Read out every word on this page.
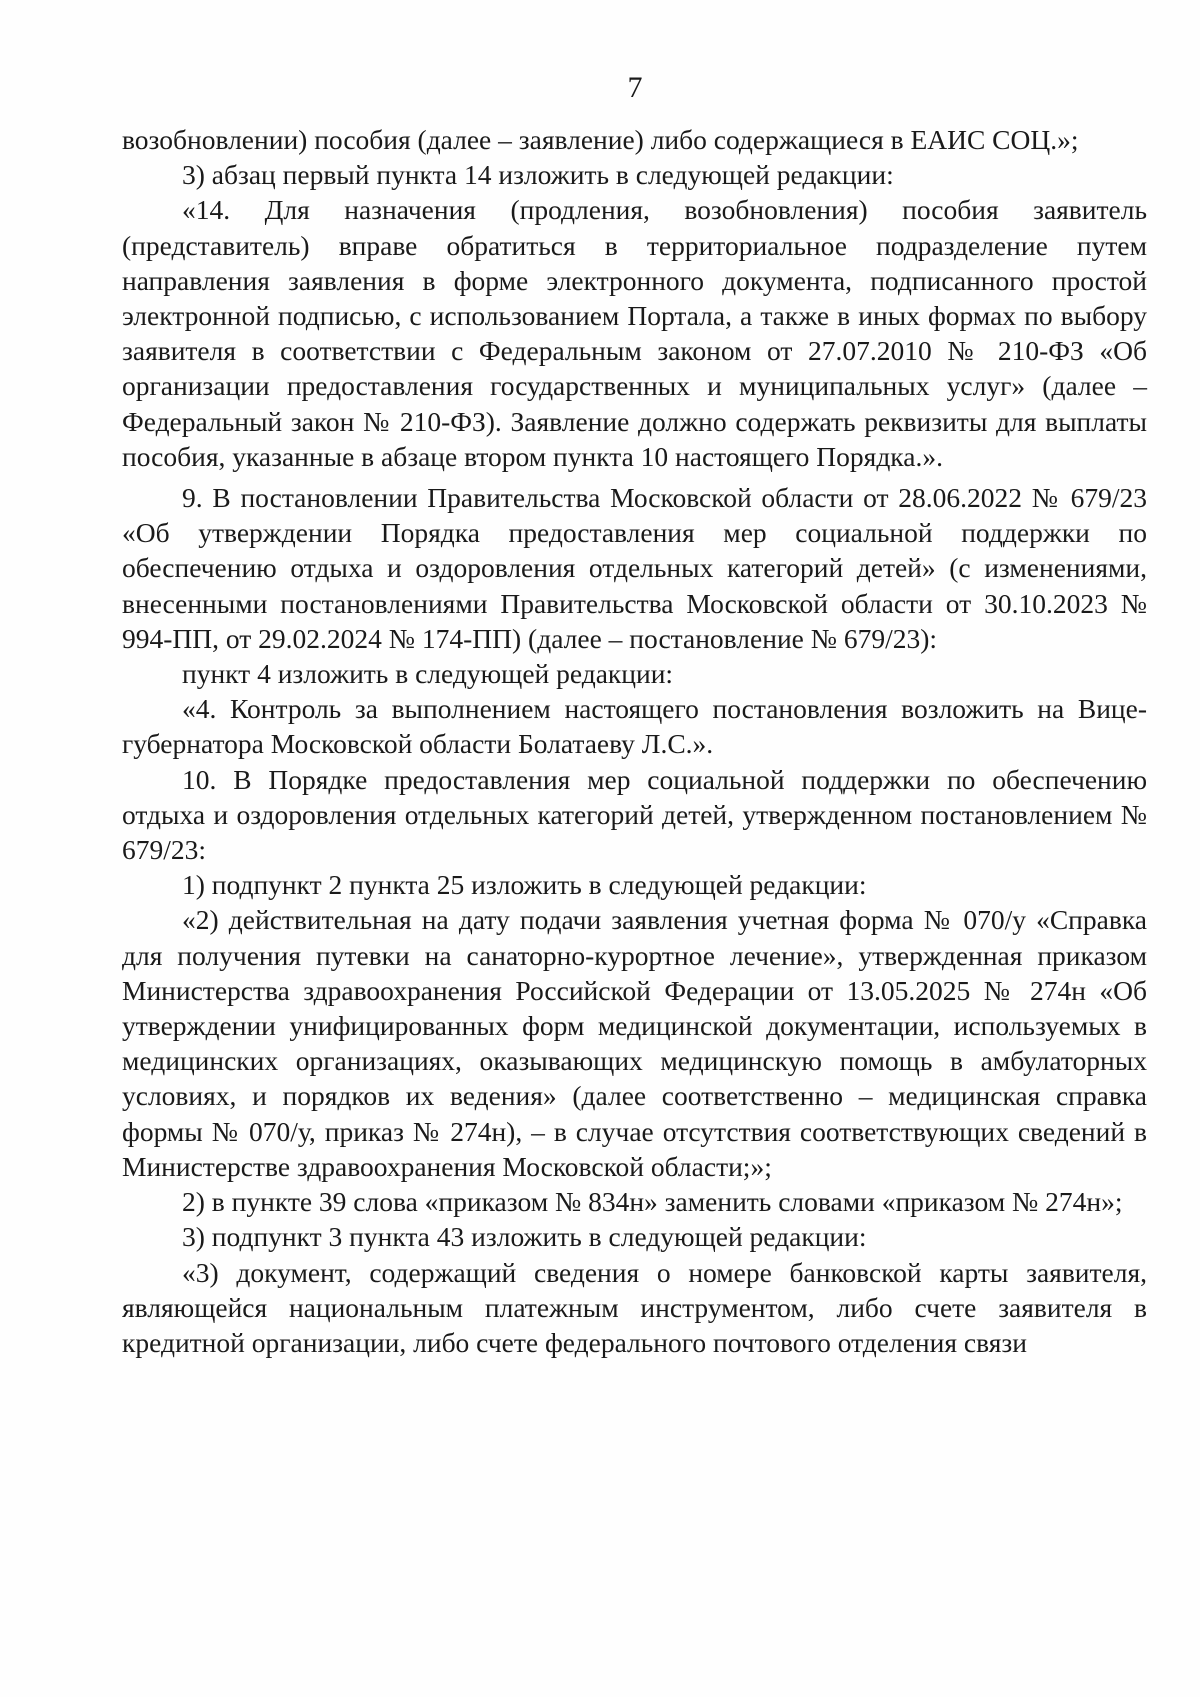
7

возобновлении) пособия (далее – заявление) либо содержащиеся в ЕАИС СОЦ.»;

3) абзац первый пункта 14 изложить в следующей редакции:

«14. Для назначения (продления, возобновления) пособия заявитель (представитель) вправе обратиться в территориальное подразделение путем направления заявления в форме электронного документа, подписанного простой электронной подписью, с использованием Портала, а также в иных формах по выбору заявителя в соответствии с Федеральным законом от 27.07.2010 № 210-ФЗ «Об организации предоставления государственных и муниципальных услуг» (далее – Федеральный закон № 210-ФЗ). Заявление должно содержать реквизиты для выплаты пособия, указанные в абзаце втором пункта 10 настоящего Порядка.».

9. В постановлении Правительства Московской области от 28.06.2022 № 679/23 «Об утверждении Порядка предоставления мер социальной поддержки по обеспечению отдыха и оздоровления отдельных категорий детей» (с изменениями, внесенными постановлениями Правительства Московской области от 30.10.2023 № 994-ПП, от 29.02.2024 № 174-ПП) (далее – постановление № 679/23):

пункт 4 изложить в следующей редакции:

«4. Контроль за выполнением настоящего постановления возложить на Вице-губернатора Московской области Болатаеву Л.С.».

10. В Порядке предоставления мер социальной поддержки по обеспечению отдыха и оздоровления отдельных категорий детей, утвержденном постановлением № 679/23:

1) подпункт 2 пункта 25 изложить в следующей редакции:

«2) действительная на дату подачи заявления учетная форма № 070/у «Справка для получения путевки на санаторно-курортное лечение», утвержденная приказом Министерства здравоохранения Российской Федерации от 13.05.2025 № 274н «Об утверждении унифицированных форм медицинской документации, используемых в медицинских организациях, оказывающих медицинскую помощь в амбулаторных условиях, и порядков их ведения» (далее соответственно – медицинская справка формы № 070/у, приказ № 274н), – в случае отсутствия соответствующих сведений в Министерстве здравоохранения Московской области;»;

2) в пункте 39 слова «приказом № 834н» заменить словами «приказом № 274н»;

3) подпункт 3 пункта 43 изложить в следующей редакции:

«3) документ, содержащий сведения о номере банковской карты заявителя, являющейся национальным платежным инструментом, либо счете заявителя в кредитной организации, либо счете федерального почтового отделения связи
